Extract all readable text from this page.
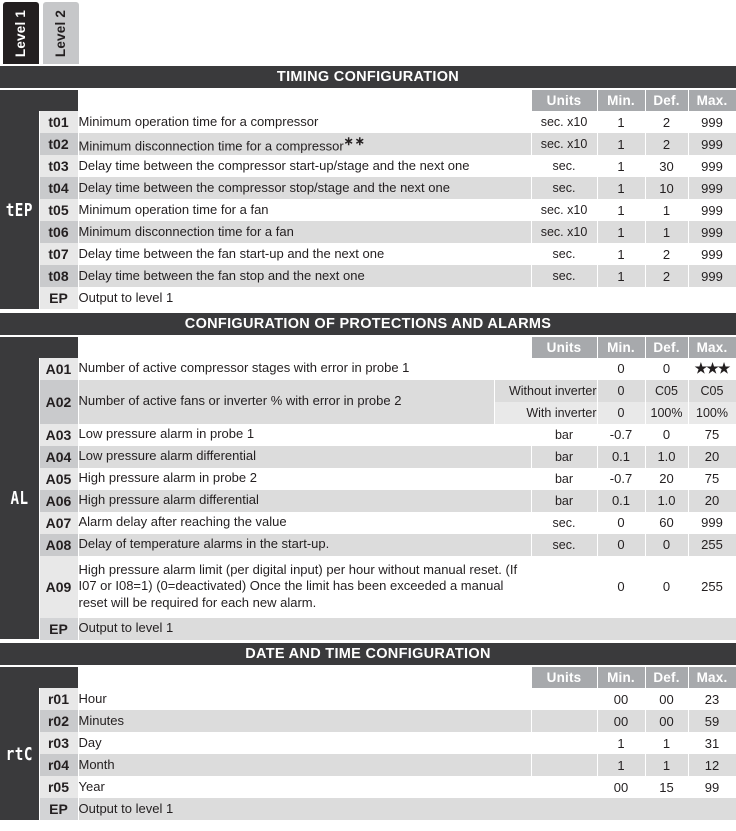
Level 1 Level 2
TIMING CONFIGURATION
		Description	Units	Min.	Def.	Max.
tEP	t01	Minimum operation time for a compressor	sec. x10	1	2	999
	t02	Minimum disconnection time for a compressor∗∗	sec. x10	1	2	999
	t03	Delay time between the compressor start-up/stage and the next one	sec.	1	30	999
	t04	Delay time between the compressor stop/stage and the next one	sec.	1	10	999
	t05	Minimum operation time for a fan	sec. x10	1	1	999
	t06	Minimum disconnection time for a fan	sec. x10	1	1	999
	t07	Delay time between the fan start-up and the next one	sec.	1	2	999
	t08	Delay time between the fan stop and the next one	sec.	1	2	999
	EP	Output to level 1				
CONFIGURATION OF PROTECTIONS AND ALARMS
		Description		Units	Min.	Def.	Max.
AL	A01	Number of active compressor stages with error in probe 1			0	0	★★★
	A02	Number of active fans or inverter % with error in probe 2	Without inverter		0	C05	C05
			With inverter		0	100%	100%
	A03	Low pressure alarm in probe 1		bar	-0.7	0	75
	A04	Low pressure alarm differential		bar	0.1	1.0	20
	A05	High pressure alarm in probe 2		bar	-0.7	20	75
	A06	High pressure alarm differential		bar	0.1	1.0	20
	A07	Alarm delay after reaching the value		sec.	0	60	999
	A08	Delay of temperature alarms in the start-up.		sec.	0	0	255
	A09	High pressure alarm limit (per digital input) per hour without manual reset. (If I07 or I08=1) (0=deactivated) Once the limit has been exceeded a manual reset will be required for each new alarm.			0	0	255
	EP	Output to level 1					
DATE AND TIME CONFIGURATION
		Description	Units	Min.	Def.	Max.
rtC	r01	Hour		00	00	23
	r02	Minutes		00	00	59
	r03	Day		1	1	31
	r04	Month		1	1	12
	r05	Year		00	15	99
	EP	Output to level 1				
